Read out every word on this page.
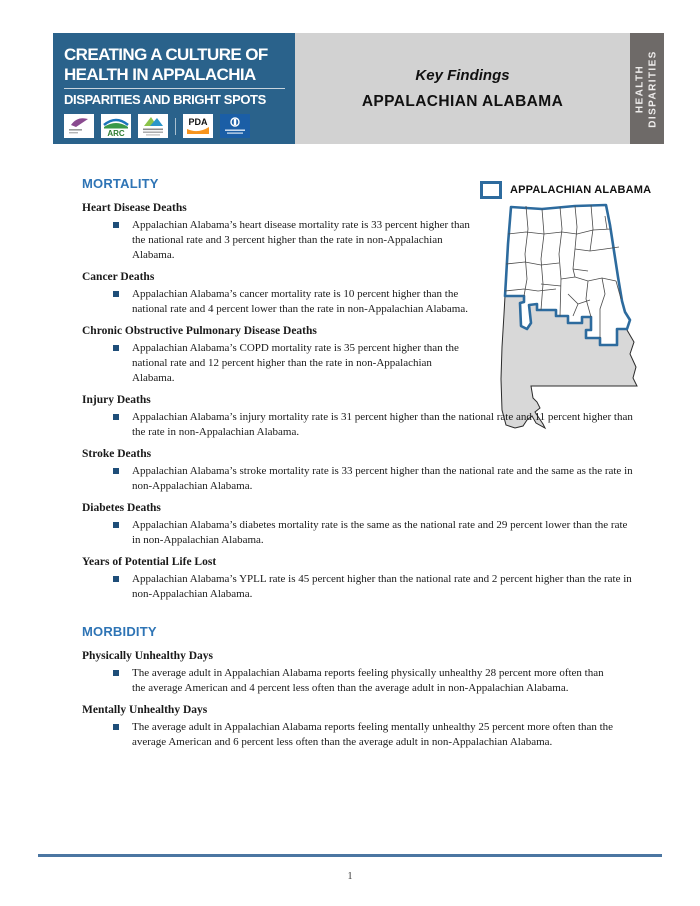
CREATING A CULTURE OF
HEALTH IN APPALACHIA
DISPARITIES AND BRIGHT SPOTS
ARC
PDA
Key Findings
APPALACHIAN ALABAMA	HEALTH DISPARITIES
APPALACHIAN ALABAMA
MORTALITY
Heart Disease Deaths

Appalachian Alabama’s heart disease mortality rate is 33 percent higher than the national rate and 3 percent higher than the rate in non-Appalachian Alabama.

Cancer Deaths

Appalachian Alabama’s cancer mortality rate is 10 percent higher than the national rate and 4 percent lower than the rate in non-Appalachian Alabama.

Chronic Obstructive Pulmonary Disease Deaths

Appalachian Alabama’s COPD mortality rate is 35 percent higher than the national rate and 12 percent higher than the rate in non-Appalachian Alabama.

Injury Deaths

Appalachian Alabama’s injury mortality rate is 31 percent higher than the national rate and 11 percent higher than the rate in non-Appalachian Alabama.

Stroke Deaths

Appalachian Alabama’s stroke mortality rate is 33 percent higher than the national rate and the same as the rate in non-Appalachian Alabama.

Diabetes Deaths

Appalachian Alabama’s diabetes mortality rate is the same as the national rate and 29 percent lower than the rate in non-Appalachian Alabama.

Years of Potential Life Lost

Appalachian Alabama’s YPLL rate is 45 percent higher than the national rate and 2 percent higher than the rate in non-Appalachian Alabama.

MORBIDITY
Physically Unhealthy Days

The average adult in Appalachian Alabama reports feeling physically unhealthy 28 percent more often than the average American and 4 percent less often than the average adult in non-Appalachian Alabama.

Mentally Unhealthy Days

The average adult in Appalachian Alabama reports feeling mentally unhealthy 25 percent more often than the average American and 6 percent less often than the average adult in non-Appalachian Alabama.

1
